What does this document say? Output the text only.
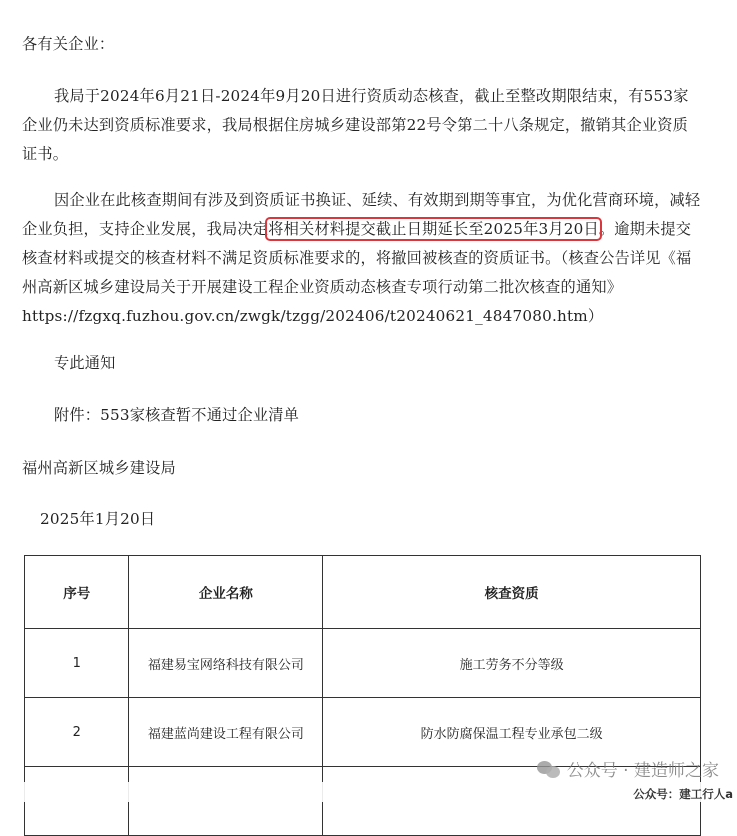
各有关企业：

我局于2024年6月21日-2024年9月20日进行资质动态核查，截止至整改期限结束，有553家企业仍未达到资质标准要求，我局根据住房城乡建设部第22号令第二十八条规定，撤销其企业资质证书。

因企业在此核查期间有涉及到资质证书换证、延续、有效期到期等事宜，为优化营商环境，减轻企业负担，支持企业发展，我局决定将相关材料提交截止日期延长至2025年3月20日。逾期未提交核查材料或提交的核查材料不满足资质标准要求的，将撤回被核查的资质证书。（核查公告详见《福州高新区城乡建设局关于开展建设工程企业资质动态核查专项行动第二批次核查的通知》https://fzgxq.fuzhou.gov.cn/zwgk/tzgg/202406/t20240621_4847080.htm）

专此通知

附件：553家核查暂不通过企业清单

福州高新区城乡建设局

2025年1月20日

序号	企业名称	核查资质
1	福建易宝网络科技有限公司	施工劳务不分等级
2	福建蓝尚建设工程有限公司	防水防腐保温工程专业承包二级

公众号 · 建造师之家
公众号：建工行人a
